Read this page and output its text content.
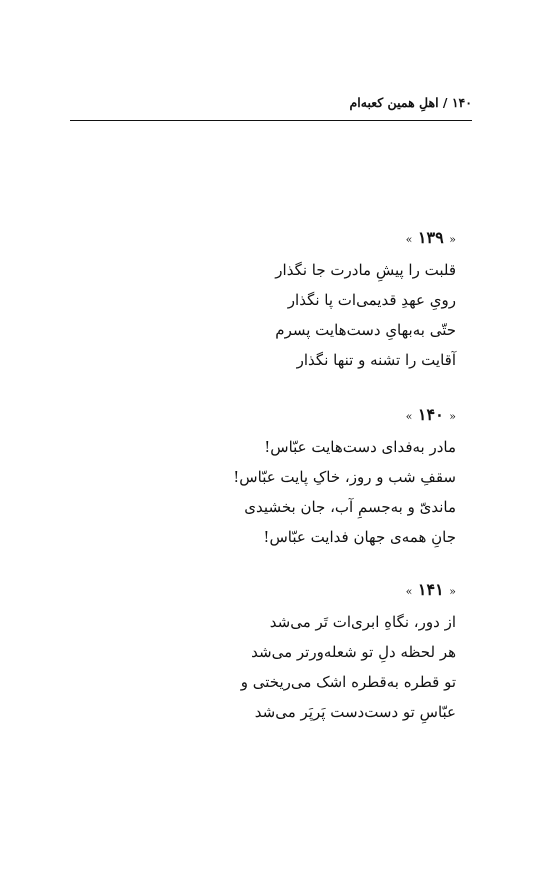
۱۴۰ / اهلِ همین کعبه‌ام
« ۱۳۹ »
قلبت را پیشِ مادرت جا نگذار
رویِ عهدِ قدیمی‌ات پا نگذار
حتّی به‌بهایِ دست‌هایت پسرم
آقایت را تشنه و تنها نگذار
« ۱۴۰ »
مادر به‌فدای دست‌هایت عبّاس!
سقفِ شب و روز، خاکِ پایت عبّاس!
ماندیّ و به‌جسمِ آب، جان بخشیدی
جانِ همه‌ی جهان فدایت عبّاس!
« ۱۴۱ »
از دور، نگاهِ ابری‌ات تَر می‌شد
هر لحظه دلِ تو شعله‌ورتر می‌شد
تو قطره به‌قطره اشک می‌ریختی و
عبّاسِ تو دست‌دست پَرپَر می‌شد
